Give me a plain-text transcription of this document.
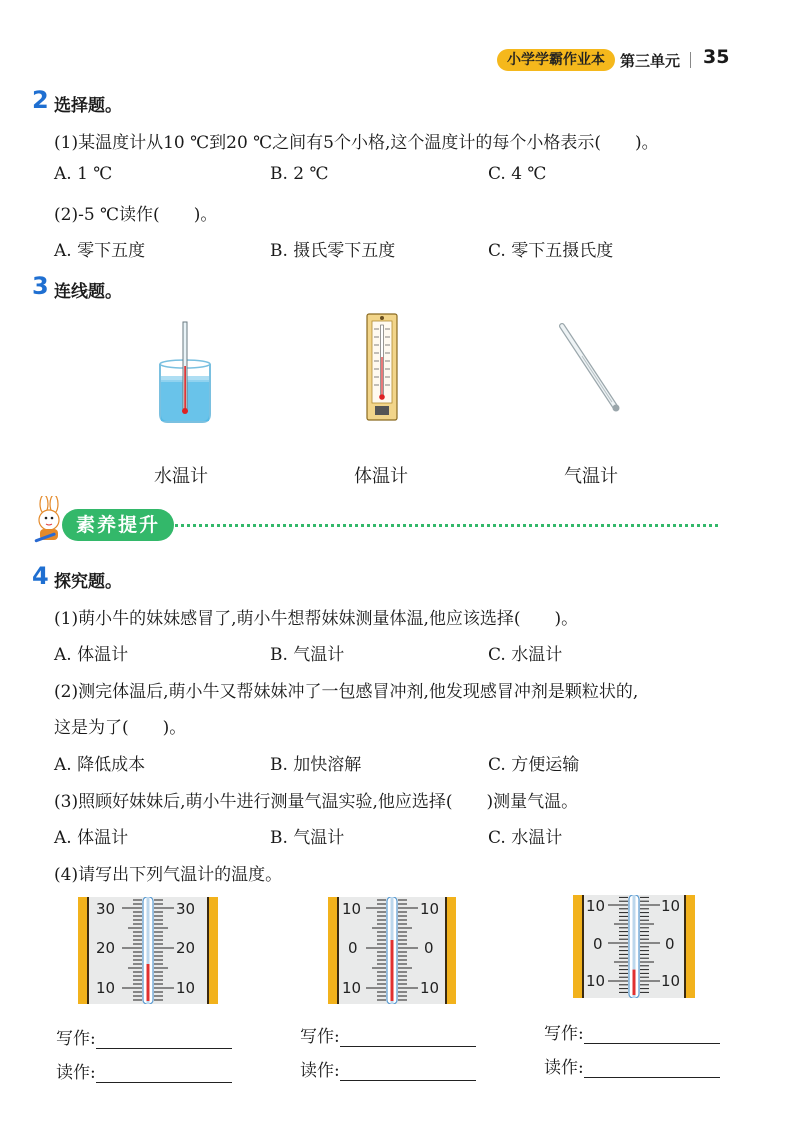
小学学霸作业本	第三单元 35
2 选择题。
(1)某温度计从10 ℃到20 ℃之间有5个小格,这个温度计的每个小格表示(　　)。
A. 1 ℃	B. 2 ℃	C. 4 ℃
(2)-5 ℃读作(　　)。
A. 零下五度	B. 摄氏零下五度	C. 零下五摄氏度
3 连线题。
水温计	体温计	气温计
素养提升
4 探究题。
(1)萌小牛的妹妹感冒了,萌小牛想帮妹妹测量体温,他应该选择(　　)。
A. 体温计	B. 气温计	C. 水温计
(2)测完体温后,萌小牛又帮妹妹冲了一包感冒冲剂,他发现感冒冲剂是颗粒状的,
这是为了(　　)。
A. 降低成本	B. 加快溶解	C. 方便运输
(3)照顾好妹妹后,萌小牛进行测量气温实验,他应选择(　　)测量气温。
A. 体温计	B. 气温计	C. 水温计
(4)请写出下列气温计的温度。
30	30
20	20
10	10
10	10
0	0
10	10
10	10
0	0
10	10
写作:
读作:
写作:
读作:
写作:
读作:
